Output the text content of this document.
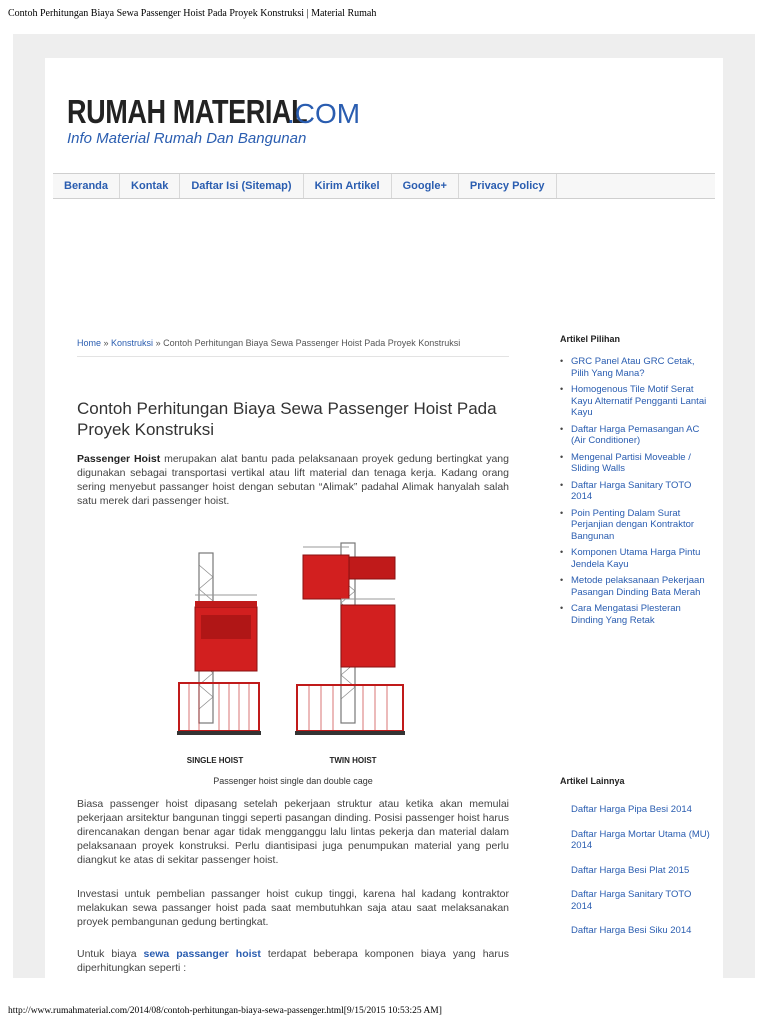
Contoh Perhitungan Biaya Sewa Passenger Hoist Pada Proyek Konstruksi | Material Rumah
RUMAH MATERIAL
.COM
Info Material Rumah Dan Bangunan
Beranda	Kontak	Daftar Isi (Sitemap)	Kirim Artikel	Google+	Privacy Policy
Home » Konstruksi » Contoh Perhitungan Biaya Sewa Passenger Hoist Pada Proyek Konstruksi
Contoh Perhitungan Biaya Sewa Passenger Hoist Pada Proyek Konstruksi

Passenger Hoist merupakan alat bantu pada pelaksanaan proyek gedung bertingkat yang digunakan sebagai transportasi vertikal atau lift material dan tenaga kerja. Kadang orang sering menyebut passanger hoist dengan sebutan “Alimak” padahal Alimak hanyalah salah satu merek dari passenger hoist.

SINGLE HOIST	TWIN HOIST
Passenger hoist single dan double cage

Biasa passenger hoist dipasang setelah pekerjaan struktur atau ketika akan memulai pekerjaan arsitektur bangunan tinggi seperti pasangan dinding. Posisi passenger hoist harus direncanakan dengan benar agar tidak mengganggu lalu lintas pekerja dan material dalam pelaksanaan proyek konstruksi. Perlu diantisipasi juga penumpukan material yang perlu diangkut ke atas di sekitar passenger hoist.

Investasi untuk pembelian passanger hoist cukup tinggi, karena hal kadang kontraktor melakukan sewa passanger hoist pada saat membutuhkan saja atau saat melaksanakan proyek pembangunan gedung bertingkat.

Untuk biaya sewa passanger hoist terdapat beberapa komponen biaya yang harus diperhitungkan seperti :

Artikel Pilihan
• GRC Panel Atau GRC Cetak, Pilih Yang Mana?
• Homogenous Tile Motif Serat Kayu Alternatif Pengganti Lantai Kayu
• Daftar Harga Pemasangan AC (Air Conditioner)
• Mengenal Partisi Moveable / Sliding Walls
• Daftar Harga Sanitary TOTO 2014
• Poin Penting Dalam Surat Perjanjian dengan Kontraktor Bangunan
• Komponen Utama Harga Pintu Jendela Kayu
• Metode pelaksanaan Pekerjaan Pasangan Dinding Bata Merah
• Cara Mengatasi Plesteran Dinding Yang Retak
Artikel Lainnya
Daftar Harga Pipa Besi 2014
Daftar Harga Mortar Utama (MU) 2014
Daftar Harga Besi Plat 2015
Daftar Harga Sanitary TOTO 2014
Daftar Harga Besi Siku 2014
http://www.rumahmaterial.com/2014/08/contoh-perhitungan-biaya-sewa-passenger.html[9/15/2015 10:53:25 AM]
